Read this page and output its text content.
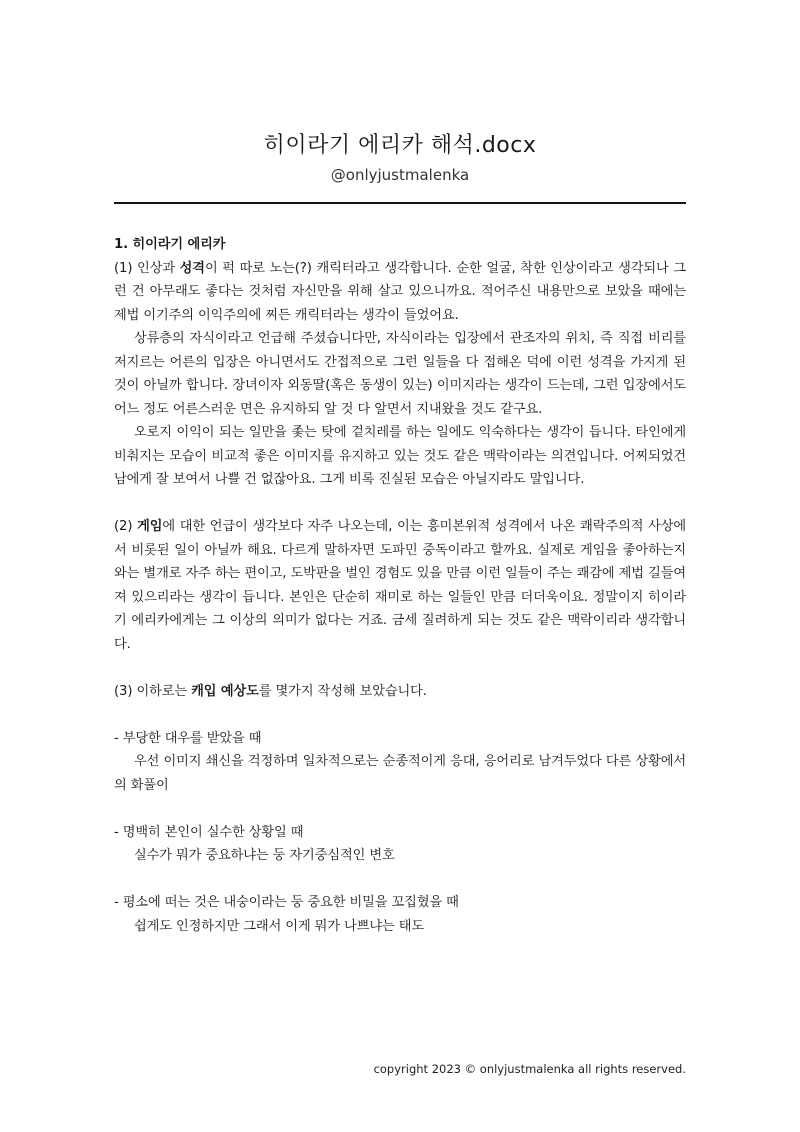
히이라기 에리카 해석.docx
@onlyjustmalenka

1. 히이라기 에리카

(1) 인상과 성격이 퍽 따로 노는(?) 캐릭터라고 생각합니다. 순한 얼굴, 착한 인상이라고 생각되나 그런 건 아무래도 좋다는 것처럼 자신만을 위해 살고 있으니까요. 적어주신 내용만으로 보았을 때에는 제법 이기주의 이익주의에 찌든 캐릭터라는 생각이 들었어요.

상류층의 자식이라고 언급해 주셨습니다만, 자식이라는 입장에서 관조자의 위치, 즉 직접 비리를 저지르는 어른의 입장은 아니면서도 간접적으로 그런 일들을 다 접해온 덕에 이런 성격을 가지게 된 것이 아닐까 합니다. 장녀이자 외동딸(혹은 동생이 있는) 이미지라는 생각이 드는데, 그런 입장에서도 어느 정도 어른스러운 면은 유지하되 알 것 다 알면서 지내왔을 것도 같구요.

오로지 이익이 되는 일만을 좇는 탓에 겉치레를 하는 일에도 익숙하다는 생각이 듭니다. 타인에게 비춰지는 모습이 비교적 좋은 이미지를 유지하고 있는 것도 같은 맥락이라는 의견입니다. 어찌되었건 남에게 잘 보여서 나쁠 건 없잖아요. 그게 비록 진실된 모습은 아닐지라도 말입니다.

(2) 게임에 대한 언급이 생각보다 자주 나오는데, 이는 흥미본위적 성격에서 나온 쾌락주의적 사상에서 비롯된 일이 아닐까 해요. 다르게 말하자면 도파민 중독이라고 할까요. 실제로 게임을 좋아하는지와는 별개로 자주 하는 편이고, 도박판을 벌인 경험도 있을 만큼 이런 일들이 주는 쾌감에 제법 길들여져 있으리라는 생각이 듭니다. 본인은 단순히 재미로 하는 일들인 만큼 더더욱이요. 정말이지 히이라기 에리카에게는 그 이상의 의미가 없다는 거죠. 금세 질려하게 되는 것도 같은 맥락이리라 생각합니다.

(3) 이하로는 캐입 예상도를 몇가지 작성해 보았습니다.

- 부당한 대우를 받았을 때

우선 이미지 쇄신을 걱정하며 일차적으로는 순종적이게 응대, 응어리로 남겨두었다 다른 상황에서의 화풀이

- 명백히 본인이 실수한 상황일 때

실수가 뭐가 중요하냐는 둥 자기중심적인 변호

- 평소에 떠는 것은 내숭이라는 둥 중요한 비밀을 꼬집혔을 때

쉽게도 인정하지만 그래서 이게 뭐가 나쁘냐는 태도

copyright 2023 © onlyjustmalenka all rights reserved.
